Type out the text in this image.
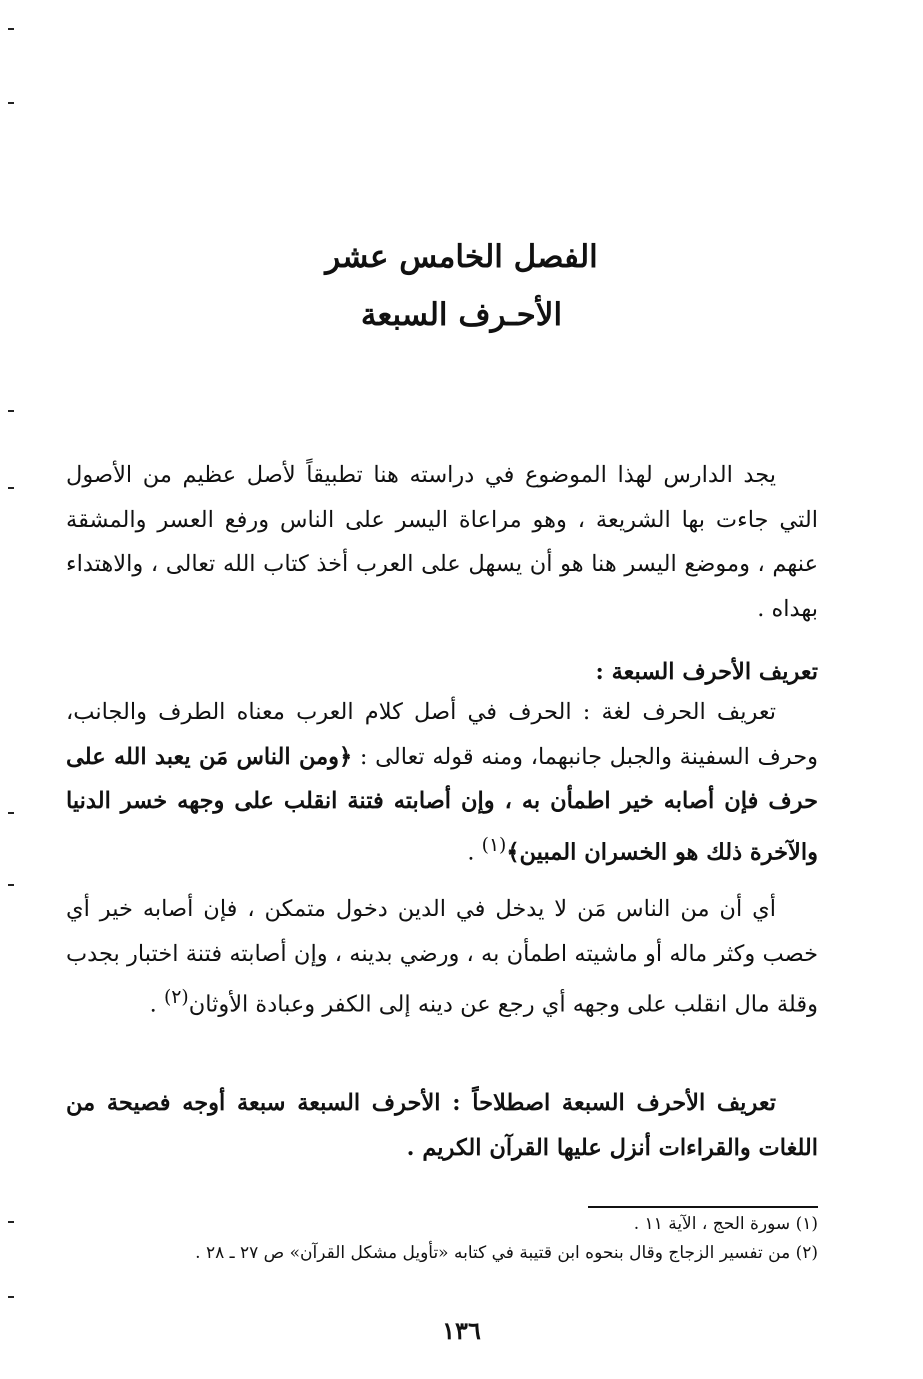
الفصل الخامس عشر
الأحـرف السبعة

يجد الدارس لهذا الموضوع في دراسته هنا تطبيقاً لأصل عظيم من الأصول التي جاءت بها الشريعة ، وهو مراعاة اليسر على الناس ورفع العسر والمشقة عنهم ، وموضع اليسر هنا هو أن يسهل على العرب أخذ كتاب الله تعالى ، والاهتداء بهداه .

تعريف الأحرف السبعة :

تعريف الحرف لغة : الحرف في أصل كلام العرب معناه الطرف والجانب، وحرف السفينة والجبل جانبهما، ومنه قوله تعالى : ﴿ومن الناس مَن يعبد الله على حرف فإن أصابه خير اطمأن به ، وإن أصابته فتنة انقلب على وجهه خسر الدنيا والآخرة ذلك هو الخسران المبين﴾$^{(١)}$ .

أي أن من الناس مَن لا يدخل في الدين دخول متمكن ، فإن أصابه خير أي خصب وكثر ماله أو ماشيته اطمأن به ، ورضي بدينه ، وإن أصابته فتنة اختبار بجدب وقلة مال انقلب على وجهه أي رجع عن دينه إلى الكفر وعبادة الأوثان$^{(٢)}$ .

تعريف الأحرف السبعة اصطلاحاً : الأحرف السبعة سبعة أوجه فصيحة من اللغات والقراءات أنزل عليها القرآن الكريم .

(١) سورة الحج ، الآية ١١ .
(٢) من تفسير الزجاج وقال بنحوه ابن قتيبة في كتابه «تأويل مشكل القرآن» ص ٢٧ ـ ٢٨ .
١٣٦
